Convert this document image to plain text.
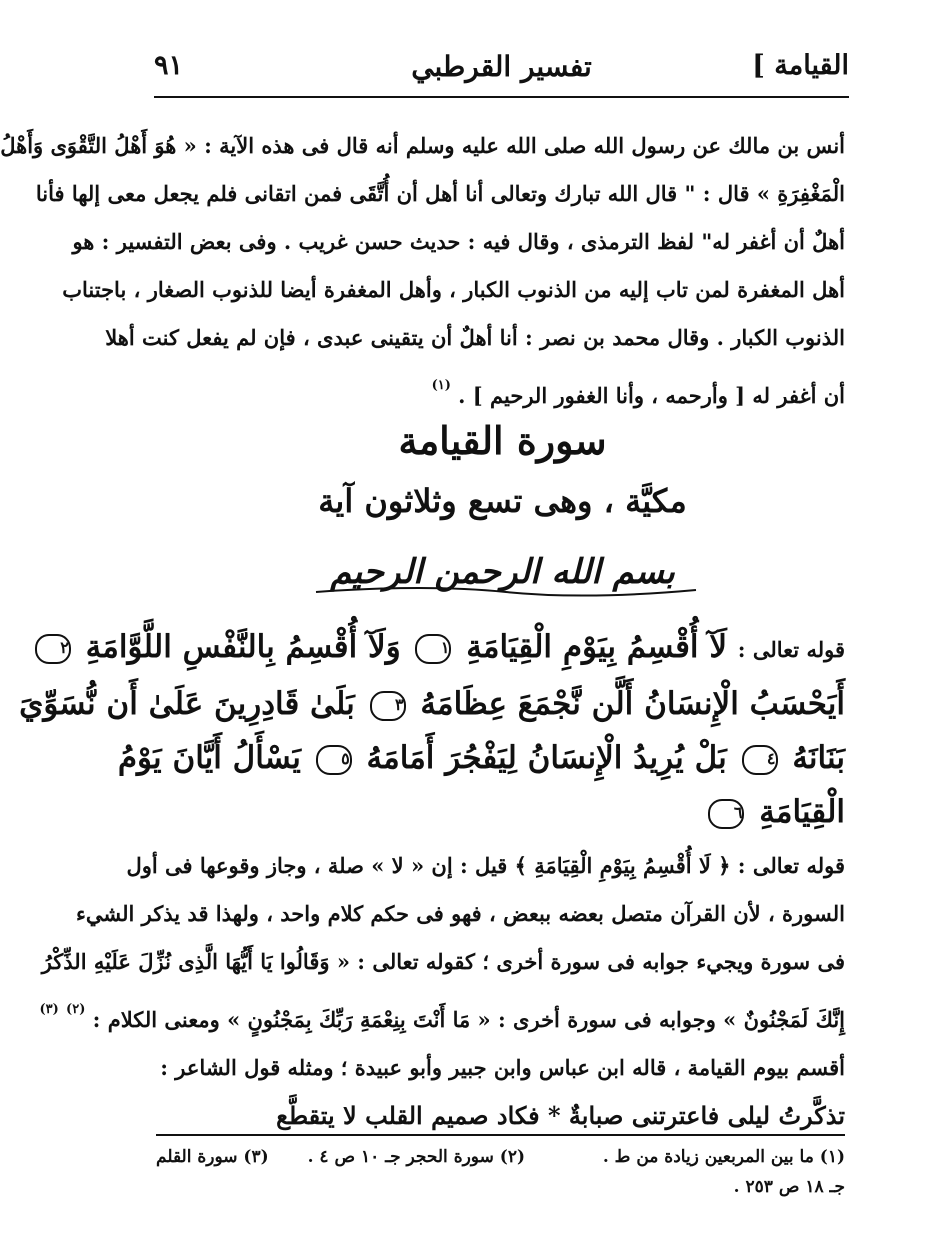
القيامة ]
تفسير القرطبي
٩١
أنس بن مالك عن رسول الله صلى الله عليه وسلم أنه قال فى هذه الآية : « هُوَ أَهْلُ التَّقْوَى وَأَهْلُ
الْمَغْفِرَةِ » قال : " قال الله تبارك وتعالى أنا أهل أن أُتَّقَى فمن اتقانى فلم يجعل معى إلها فأنا
أهلٌ أن أغفر له" لفظ الترمذى ، وقال فيه : حديث حسن غريب . وفى بعض التفسير : هو
أهل المغفرة لمن تاب إليه من الذنوب الكبار ، وأهل المغفرة أيضا للذنوب الصغار ، باجتناب
الذنوب الكبار . وقال محمد بن نصر : أنا أهلٌ أن يتقينى عبدى ، فإن لم يفعل كنت أهلا
أن أغفر له [ وأرحمه ، وأنا الغفور الرحيم ] . $^{(١)}$
سورة القيامة
مكيَّة ، وهى تسع وثلاثون آية
بسم الله الرحمن الرحيم
قوله تعالى : لَآ أُقْسِمُ بِيَوْمِ الْقِيَامَةِ ١ وَلَآ أُقْسِمُ بِالنَّفْسِ اللَّوَّامَةِ ٢
أَيَحْسَبُ الْإِنسَانُ أَلَّن نَّجْمَعَ عِظَامَهُ ٣ بَلَىٰ قَادِرِينَ عَلَىٰ أَن نُّسَوِّيَ
بَنَانَهُ ٤ بَلْ يُرِيدُ الْإِنسَانُ لِيَفْجُرَ أَمَامَهُ ٥ يَسْأَلُ أَيَّانَ يَوْمُ
الْقِيَامَةِ ٦
قوله تعالى : ﴿ لَا أُقْسِمُ بِيَوْمِ الْقِيَامَةِ ﴾ قيل : إن « لا » صلة ، وجاز وقوعها فى أول
السورة ، لأن القرآن متصل بعضه ببعض ، فهو فى حكم كلام واحد ، ولهذا قد يذكر الشيء
فى سورة ويجيء جوابه فى سورة أخرى ؛ كقوله تعالى : « وَقَالُوا يَا أَيُّهَا الَّذِى نُزِّلَ عَلَيْهِ الذِّكْرُ
إِنَّكَ لَمَجْنُونٌ » وجوابه فى سورة أخرى : « مَا أَنْتَ بِنِعْمَةِ رَبِّكَ بِمَجْنُونٍ » ومعنى الكلام : $^{(٢)}$ $^{(٣)}$
أقسم بيوم القيامة ، قاله ابن عباس وابن جبير وأبو عبيدة ؛ ومثله قول الشاعر :
تذكَّرتُ ليلى فاعترتنى صبابةٌ * فكاد صميم القلب لا يتقطَّع
(١) ما بين المربعين زيادة من ط .
(٢) سورة الحجر جـ ١٠ ص ٤ .
(٣) سورة القلم
جـ ١٨ ص ٢٥٣ .
